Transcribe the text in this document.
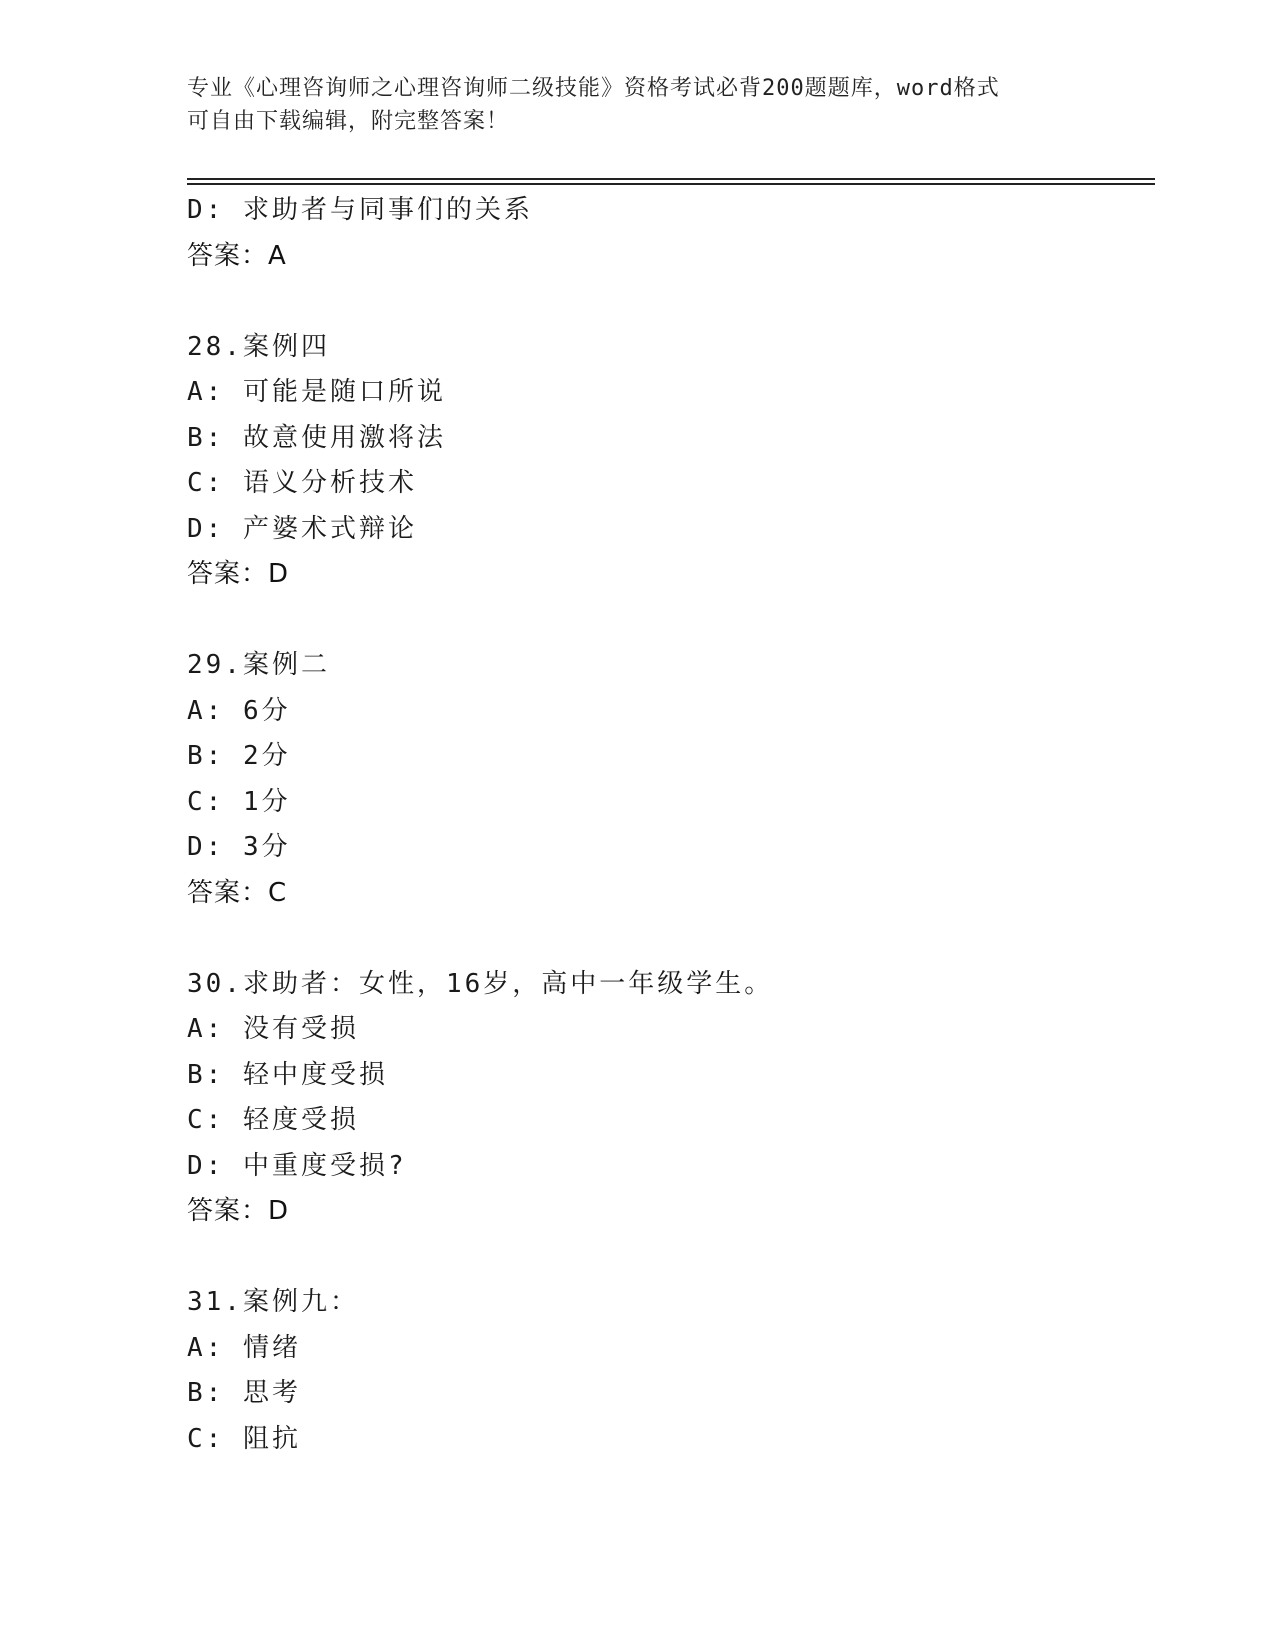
专业《心理咨询师之心理咨询师二级技能》资格考试必背200题题库，word格式
可自由下载编辑，附完整答案！
D: 求助者与同事们的关系
答案：A
28.案例四
A: 可能是随口所说
B: 故意使用激将法
C: 语义分析技术
D: 产婆术式辩论
答案：D
29.案例二
A: 6分
B: 2分
C: 1分
D: 3分
答案：C
30.求助者：女性，16岁，高中一年级学生。
A: 没有受损
B: 轻中度受损
C: 轻度受损
D: 中重度受损?
答案：D
31.案例九：
A: 情绪
B: 思考
C: 阻抗
